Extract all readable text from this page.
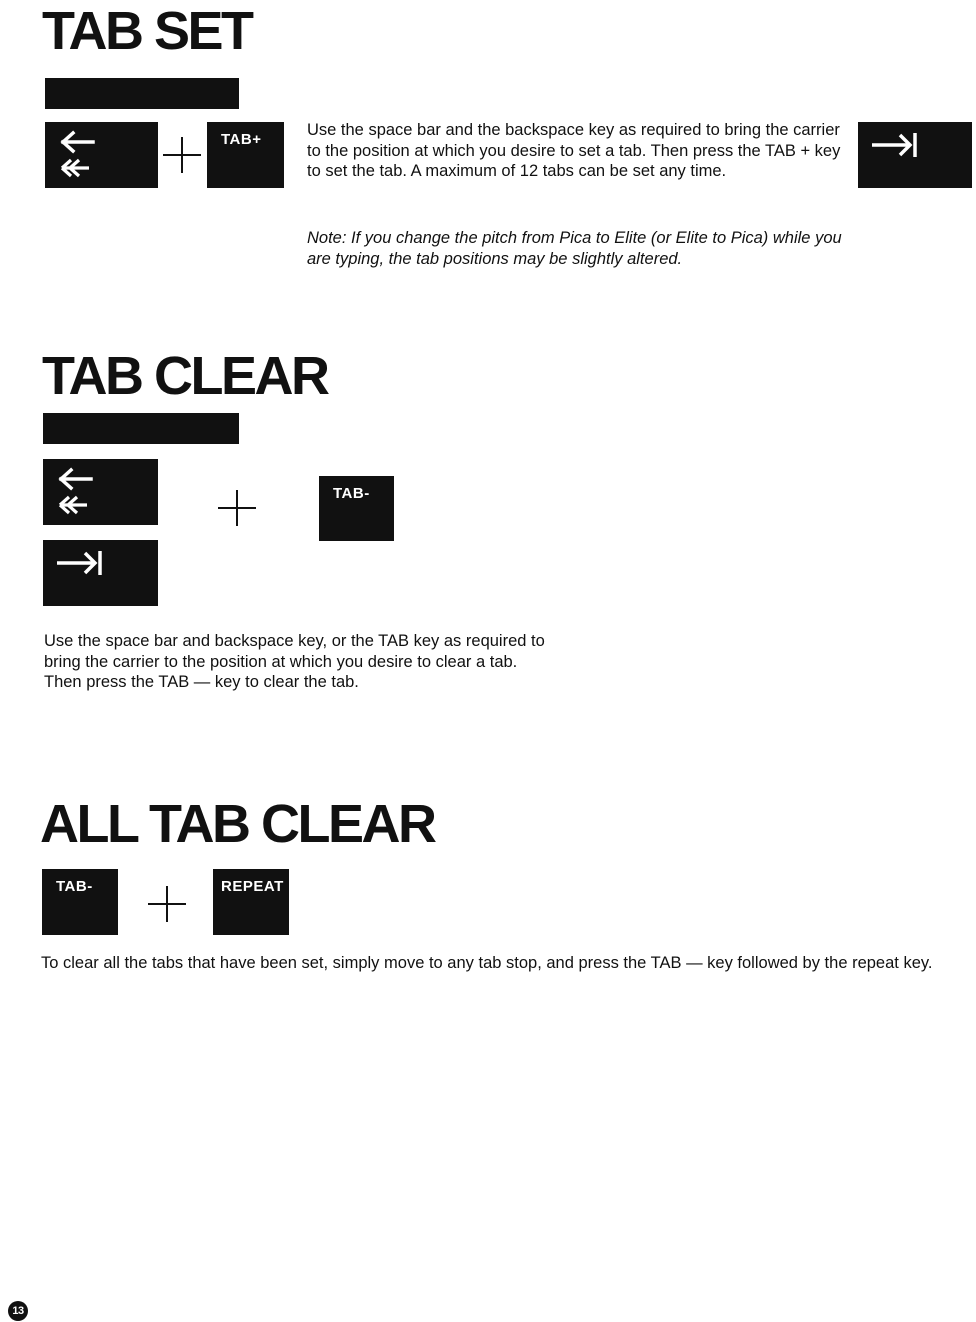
TAB SET
TAB+

Use the space bar and the backspace key as required to bring the carrier to the position at which you desire to set a tab. Then press the TAB + key to set the tab. A maximum of 12 tabs can be set any time.

Note: If you change the pitch from Pica to Elite (or Elite to Pica) while you are typing, the tab positions may be slightly altered.

TAB CLEAR
TAB-

Use the space bar and backspace key, or the TAB key as required to bring the carrier to the position at which you desire to clear a tab. Then press the TAB — key to clear the tab.

ALL TAB CLEAR
TAB-	REPEAT

To clear all the tabs that have been set, simply move to any tab stop, and press the TAB — key followed by the repeat key.

13
